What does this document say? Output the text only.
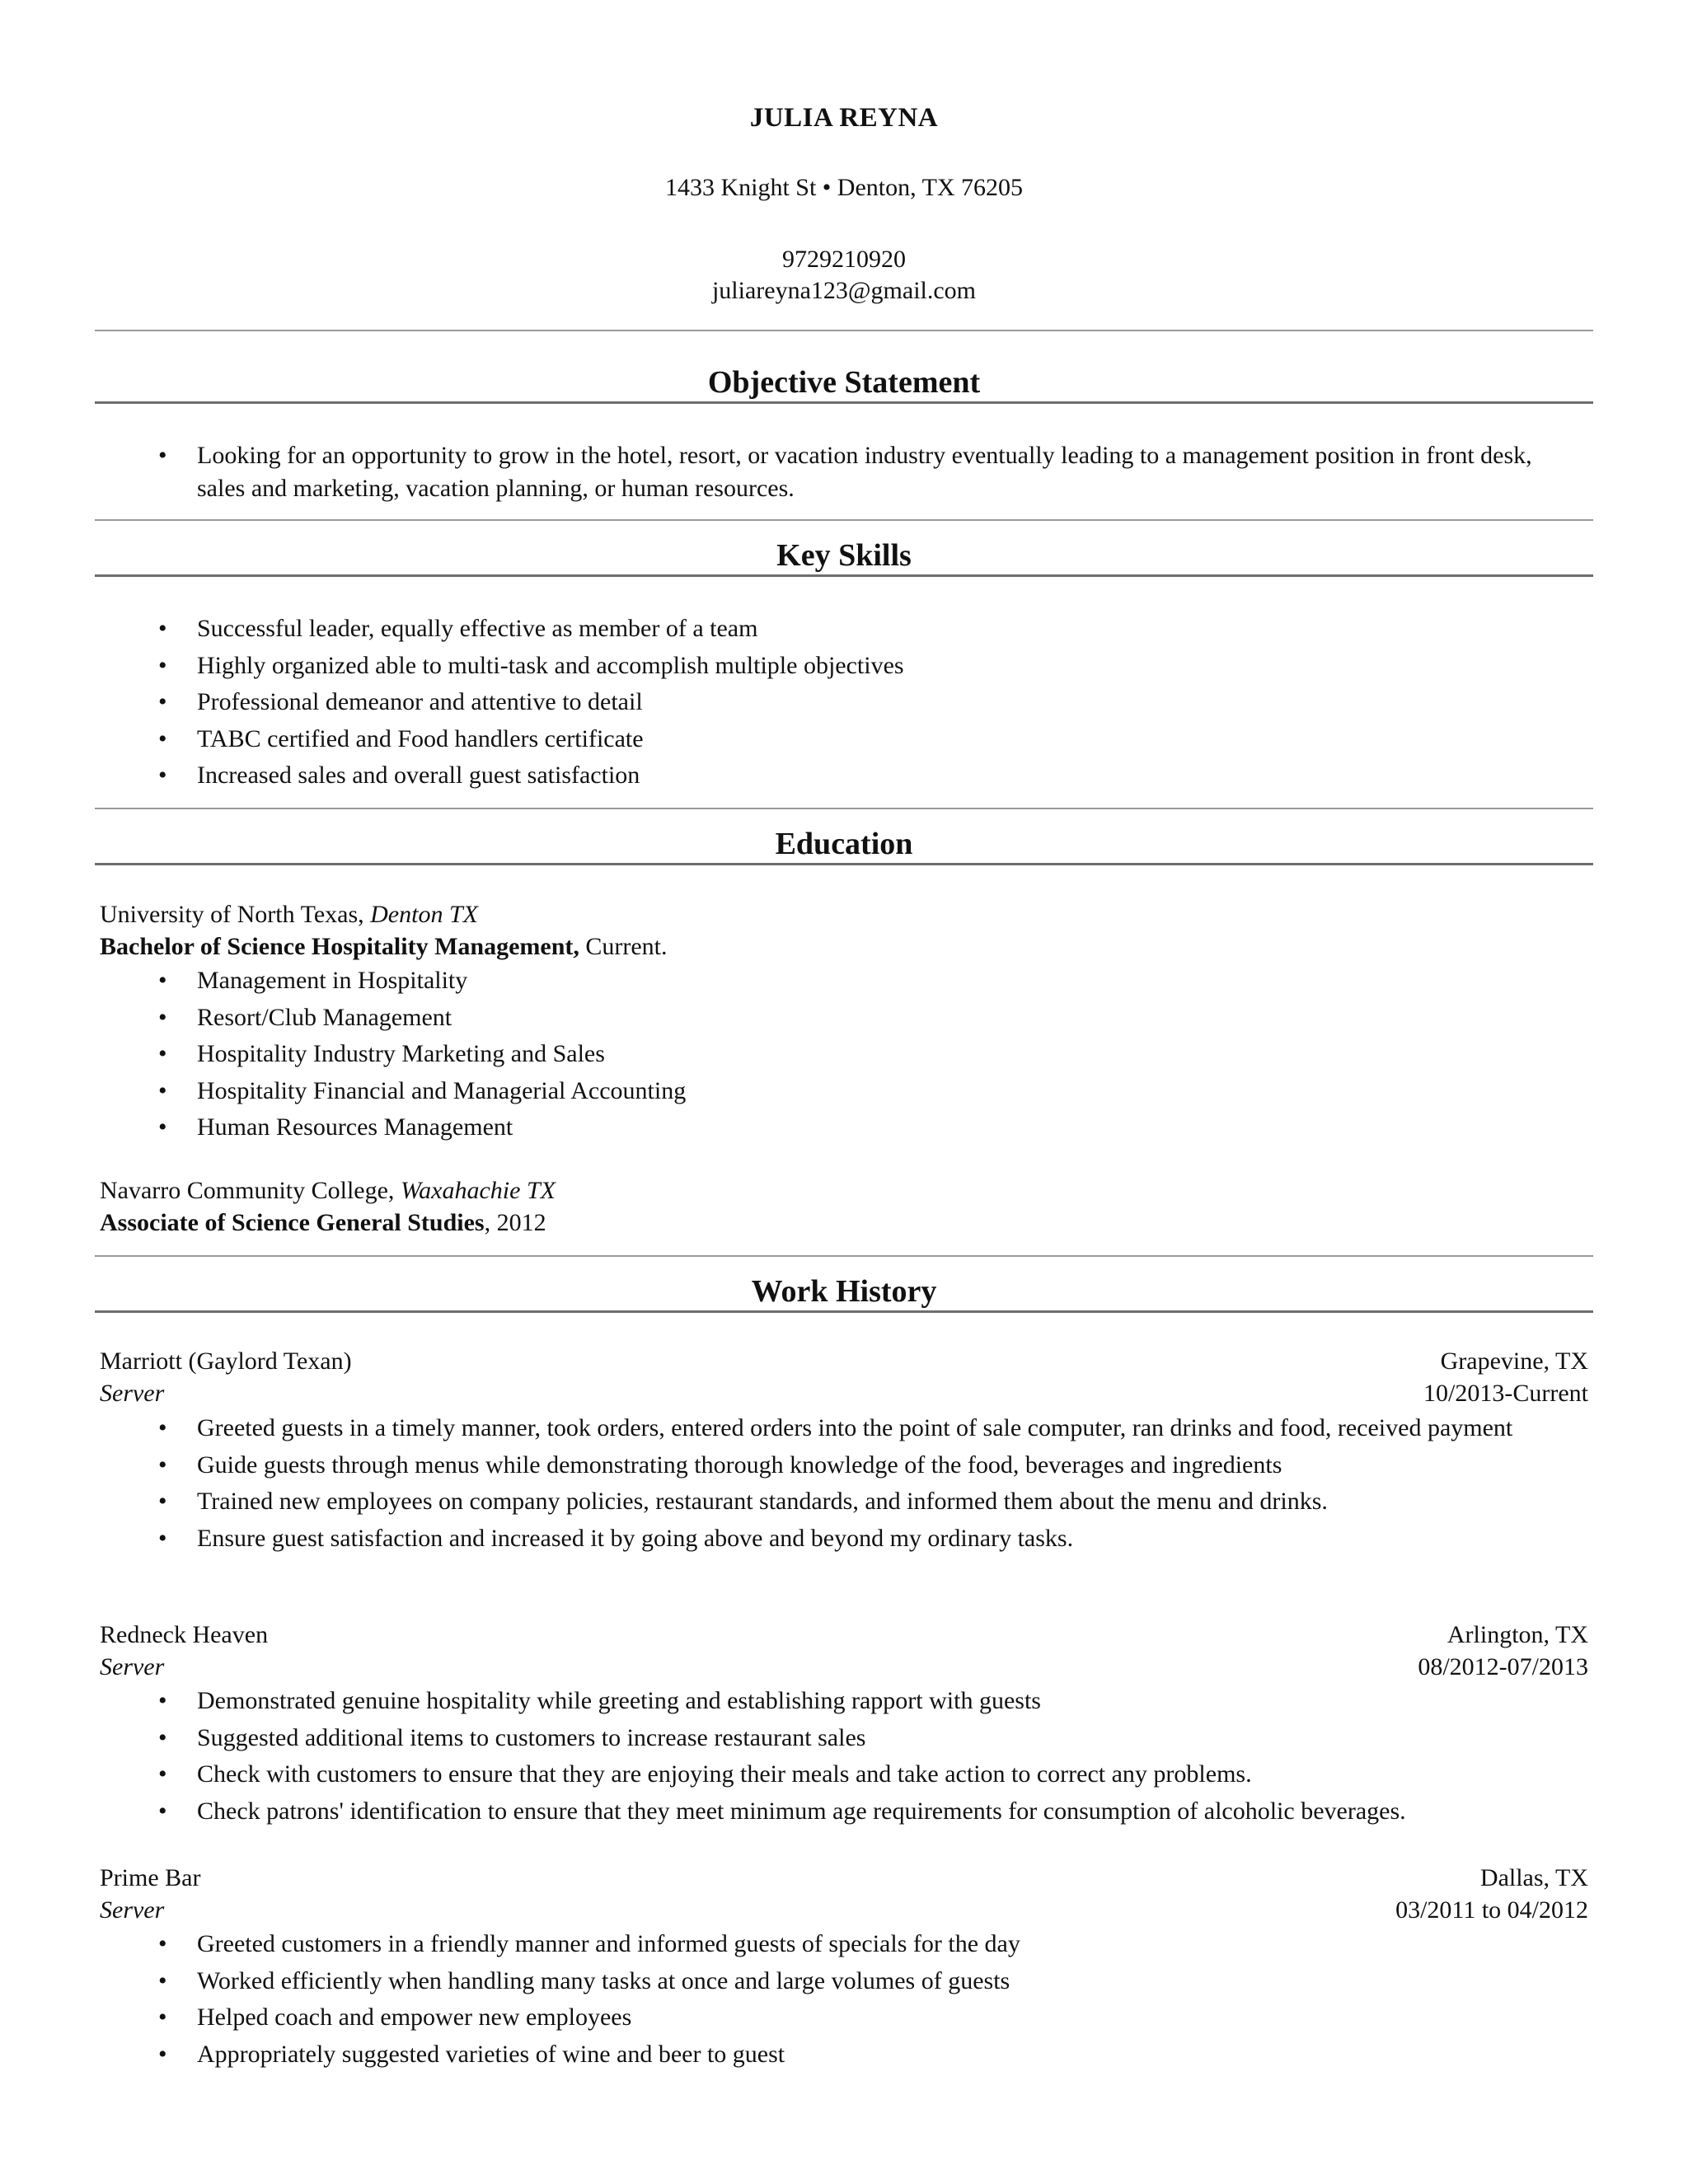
JULIA REYNA
1433 Knight St • Denton, TX 76205
9729210920
juliareyna123@gmail.com
Objective Statement
• Looking for an opportunity to grow in the hotel, resort, or vacation industry eventually leading to a management position in front desk, sales and marketing, vacation planning, or human resources.
Key Skills
• Successful leader, equally effective as member of a team
• Highly organized able to multi-task and accomplish multiple objectives
• Professional demeanor and attentive to detail
• TABC certified and Food handlers certificate
• Increased sales and overall guest satisfaction
Education
University of North Texas, Denton TX
Bachelor of Science Hospitality Management, Current.
• Management in Hospitality
• Resort/Club Management
• Hospitality Industry Marketing and Sales
• Hospitality Financial and Managerial Accounting
• Human Resources Management
Navarro Community College, Waxahachie TX
Associate of Science General Studies, 2012
Work History
Marriott (Gaylord Texan)	Grapevine, TX
Server	10/2013-Current
• Greeted guests in a timely manner, took orders, entered orders into the point of sale computer, ran drinks and food, received payment
• Guide guests through menus while demonstrating thorough knowledge of the food, beverages and ingredients
• Trained new employees on company policies, restaurant standards, and informed them about the menu and drinks.
• Ensure guest satisfaction and increased it by going above and beyond my ordinary tasks.
Redneck Heaven	Arlington, TX
Server	08/2012-07/2013
• Demonstrated genuine hospitality while greeting and establishing rapport with guests
• Suggested additional items to customers to increase restaurant sales
• Check with customers to ensure that they are enjoying their meals and take action to correct any problems.
• Check patrons' identification to ensure that they meet minimum age requirements for consumption of alcoholic beverages.
Prime Bar	Dallas, TX
Server	03/2011 to 04/2012
• Greeted customers in a friendly manner and informed guests of specials for the day
• Worked efficiently when handling many tasks at once and large volumes of guests
• Helped coach and empower new employees
• Appropriately suggested varieties of wine and beer to guest
